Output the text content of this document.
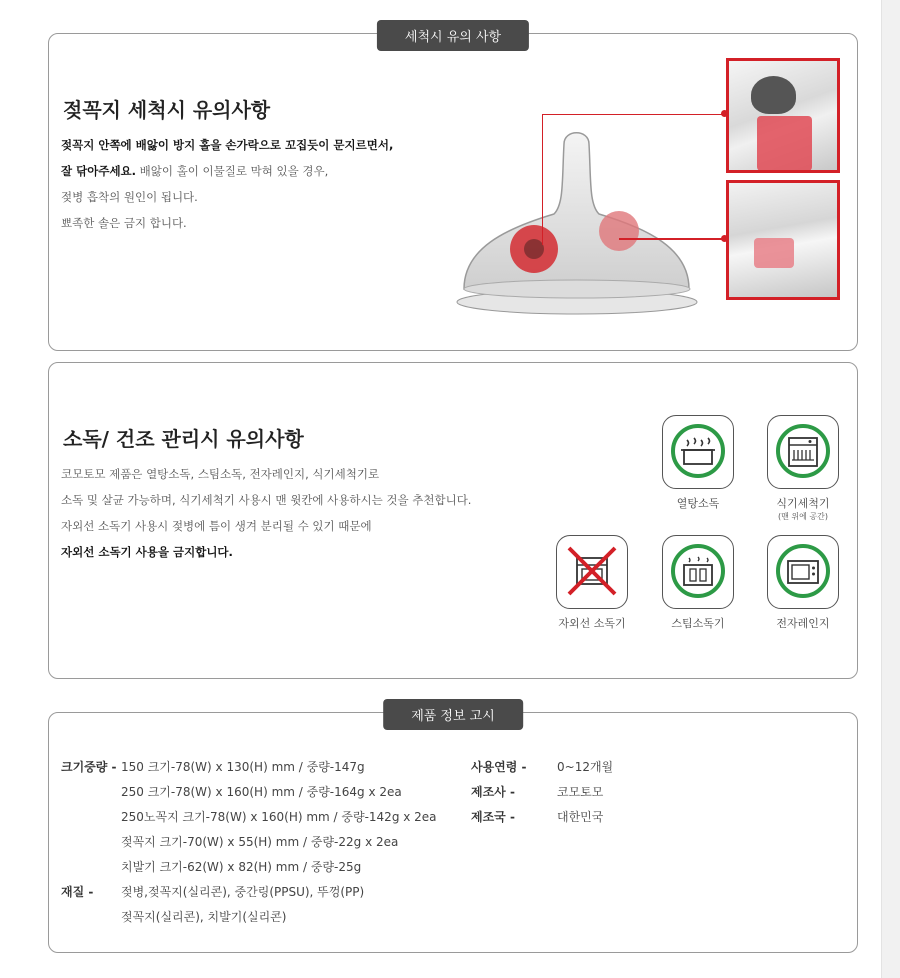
세척시 유의 사항
젖꼭지 세척시 유의사항
젖꼭지 안쪽에 배앓이 방지 홀을 손가락으로 꼬집듯이 문지르면서,
잘 닦아주세요. 배앓이 홀이 이물질로 막혀 있을 경우,
젖병 흡착의 원인이 됩니다.
뾰족한 솔은 금지 합니다.
소독/ 건조 관리시 유의사항
코모토모 제품은 열탕소독, 스팀소독, 전자레인지, 식기세척기로
소독 및 살균 가능하며, 식기세척기 사용시 맨 윗칸에 사용하시는 것을 추천합니다.
자외선 소독기 사용시 젖병에 틈이 생겨 분리될 수 있기 때문에
자외선 소독기 사용을 금지합니다.
열탕소독	식기세척기
(맨 위에 공간)
자외선 소독기	스팀소독기	전자레인지
제품 정보 고시
크기중량 - 150 크기-78(W) x 130(H) mm / 중량-147g
250 크기-78(W) x 160(H) mm / 중량-164g x 2ea
250노꼭지 크기-78(W) x 160(H) mm / 중량-142g x 2ea
젖꼭지 크기-70(W) x 55(H) mm / 중량-22g x 2ea
치발기 크기-62(W) x 82(H) mm / 중량-25g
재질 - 젖병,젖꼭지(실리콘), 중간링(PPSU), 뚜껑(PP)
젖꼭지(실리콘), 치발기(실리콘)
사용연령 -	0~12개월
제조사 -	코모토모
제조국 -	대한민국
